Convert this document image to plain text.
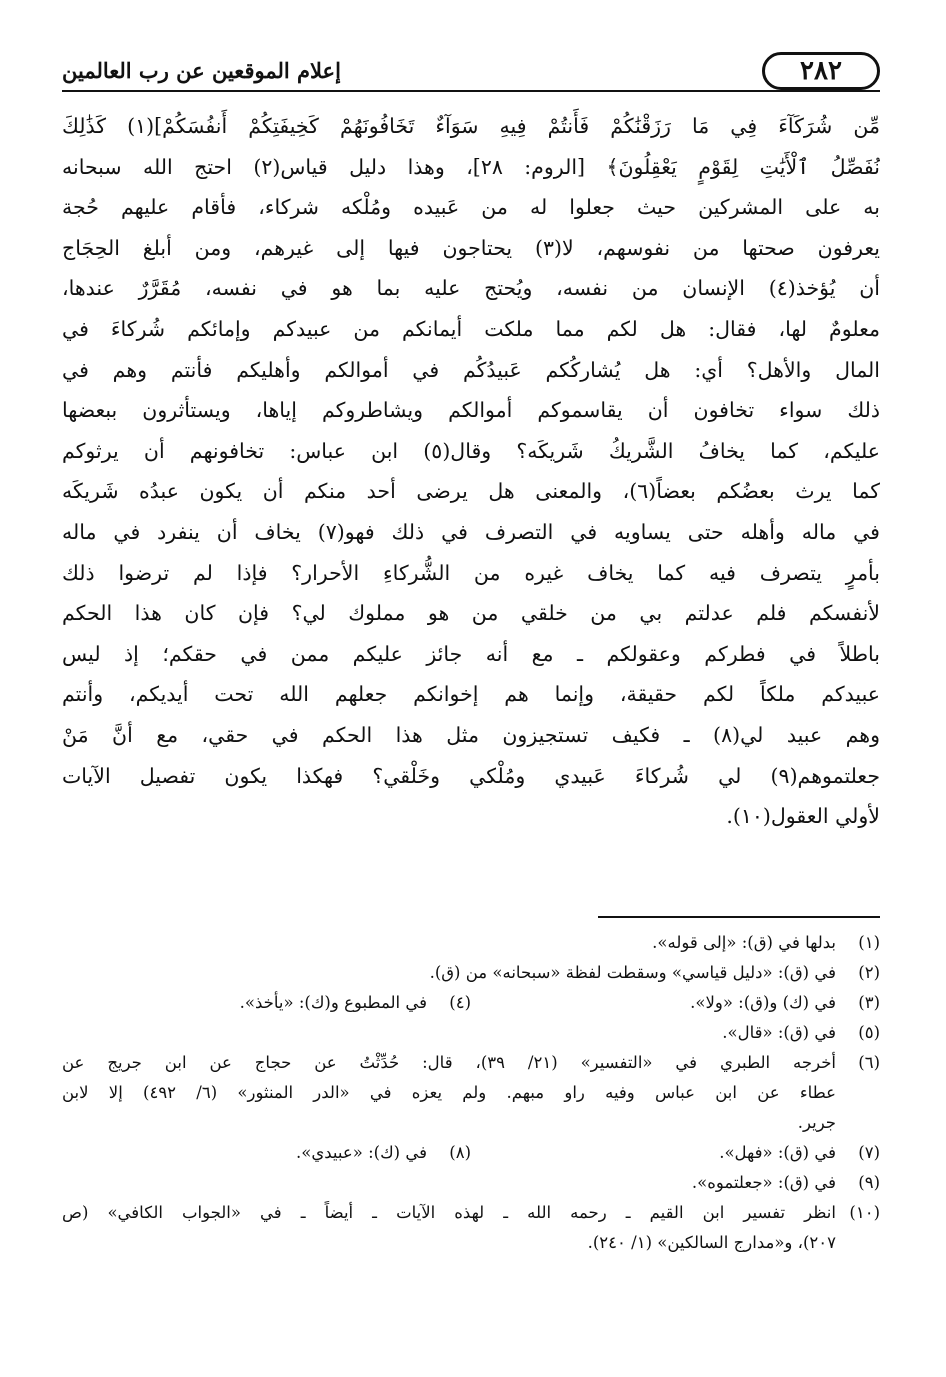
إعلام الموقعين عن رب العالمين	٢٨٢
مِّن شُرَكَآءَ فِي مَا رَزَقْنَٰكُمْ فَأَنتُمْ فِيهِ سَوَآءٌ تَخَافُونَهُمْ كَخِيفَتِكُمْ أَنفُسَكُمْ](١) كَذَٰلِكَ
نُفَصِّلُ ٱلْأَيَٰتِ لِقَوْمٍ يَعْقِلُونَ﴾ [الروم: ٢٨]، وهذا دليل قياس(٢) احتج الله سبحانه
به على المشركين حيث جعلوا له من عَبيده ومُلْكه شركاء، فأقام عليهم حُجة
يعرفون صحتها من نفوسهم، لا(٣) يحتاجون فيها إلى غيرهم، ومن أبلغ الحِجَاج
أن يُؤخذ(٤) الإنسان من نفسه، ويُحتج عليه بما هو في نفسه، مُقَرَّرٌ عندها،
معلومٌ لها، فقال: هل لكم مما ملكت أيمانكم من عبيدكم وإمائكم شُركاءَ في
المال والأهل؟ أي: هل يُشاركُكم عَبيدُكُم في أموالكم وأهليكم فأنتم وهم في
ذلك سواء تخافون أن يقاسموكم أموالكم ويشاطروكم إياها، ويستأثرون ببعضها
عليكم، كما يخافُ الشَّريكُ شَريكَه؟ وقال(٥) ابن عباس: تخافونهم أن يرثوكم
كما يرث بعضُكم بعضاً(٦)، والمعنى هل يرضى أحد منكم أن يكون عبدُه شَريكَه
في ماله وأهله حتى يساويه في التصرف في ذلك فهو(٧) يخاف أن ينفرد في ماله
بأمرٍ يتصرف فيه كما يخاف غيره من الشُّركاءِ الأحرار؟ فإذا لم ترضوا ذلك
لأنفسكم فلم عدلتم بي من خلقي من هو مملوك لي؟ فإن كان هذا الحكم
باطلاً في فطركم وعقولكم ـ مع أنه جائز عليكم ممن في حقكم؛ إذ ليس
عبيدكم ملكاً لكم حقيقة، وإنما هم إخوانكم جعلهم الله تحت أيديكم، وأنتم
وهم عبيد لي(٨) ـ فكيف تستجيزون مثل هذا الحكم في حقي، مع أنَّ مَنْ
جعلتموهم(٩) لي شُركاءَ عَبيدي ومُلْكي وخَلْقي؟ فهكذا يكون تفصيل الآيات
لأولي العقول(١٠).
(١)
بدلها في (ق): «إلى قوله».
(٢)
في (ق): «دليل قياسي» وسقطت لفظة «سبحانه» من (ق).
(٣)
في (ك) و(ق): «ولا».
(٤)
في المطبوع و(ك): «يأخذ».
(٥)
في (ق): «قال».
(٦)
أخرجه الطبري في «التفسير» (٢١/ ٣٩)، قال: حُدِّثْتُ عن حجاج عن ابن جريج عن
عطاء عن ابن عباس وفيه راو مبهم. ولم يعزه في «الدر المنثور» (٦/ ٤٩٢) إلا لابن
جرير.
(٧)
في (ق): «فهل».
(٨)
في (ك): «عبيدي».
(٩)
في (ق): «جعلتموه».
(١٠)
انظر تفسير ابن القيم ـ رحمه الله ـ لهذه الآيات ـ أيضاً ـ في «الجواب الكافي» (ص
٢٠٧)، و«مدارج السالكين» (١/ ٢٤٠).
